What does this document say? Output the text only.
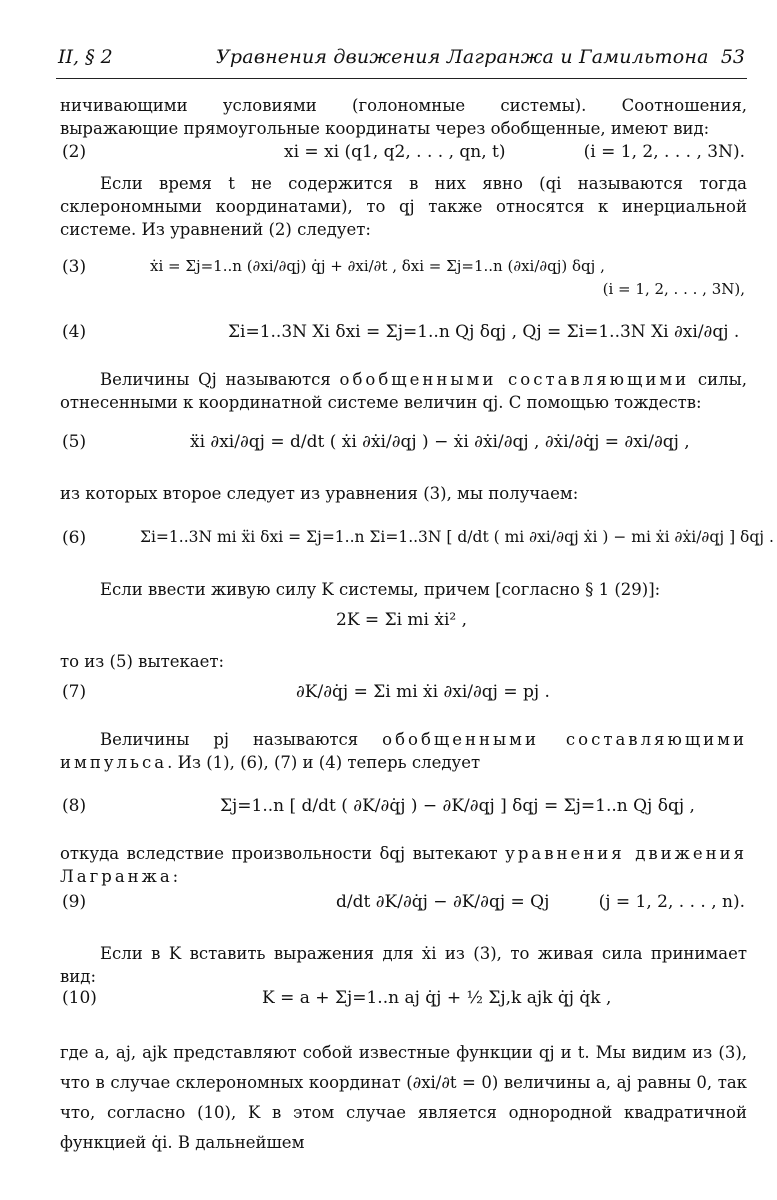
II, § 2	Уравнения движения Лагранжа и Гамильтона 53
ничивающими условиями (голономные системы). Соотношения, выражающие прямоугольные координаты через обобщенные, имеют вид:
(2)	xi = xi (q1, q2, . . . , qn, t)	(i = 1, 2, . . . , 3N).
Если время t не содержится в них явно (qi называются тогда склерономными координатами), то qj также относятся к инерциальной системе. Из уравнений (2) следует:
(3)	ẋi = Σj=1..n (∂xi/∂qj) q̇j + ∂xi/∂t , δxi = Σj=1..n (∂xi/∂qj) δqj ,
(i = 1, 2, . . . , 3N),
(4)	Σi=1..3N Xi δxi = Σj=1..n Qj δqj , Qj = Σi=1..3N Xi ∂xi/∂qj .
Величины Qj называются обобщенными составляющими силы, отнесенными к координатной системе величин qj. С помощью тождеств:
(5)	ẍi ∂xi/∂qj = d/dt ( ẋi ∂ẋi/∂qj ) − ẋi ∂ẋi/∂qj , ∂ẋi/∂q̇j = ∂xi/∂qj ,
из которых второе следует из уравнения (3), мы получаем:
(6)	Σi=1..3N mi ẍi δxi = Σj=1..n Σi=1..3N [ d/dt ( mi ∂xi/∂qj ẋi ) − mi ẋi ∂ẋi/∂qj ] δqj .
Если ввести живую силу K системы, причем [согласно § 1 (29)]:
2K = Σi mi ẋi² ,
то из (5) вытекает:
(7)	∂K/∂q̇j = Σi mi ẋi ∂xi/∂qj = pj .
Величины pj называются обобщенными составляющими импульса. Из (1), (6), (7) и (4) теперь следует
(8)	Σj=1..n [ d/dt ( ∂K/∂q̇j ) − ∂K/∂qj ] δqj = Σj=1..n Qj δqj ,
откуда вследствие произвольности δqj вытекают уравнения движения Лагранжа:
(9)	d/dt ∂K/∂q̇j − ∂K/∂qj = Qj	(j = 1, 2, . . . , n).
Если в K вставить выражения для ẋi из (3), то живая сила принимает вид:
(10)	K = a + Σj=1..n aj q̇j + ½ Σj,k ajk q̇j q̇k ,
где a, aj, ajk представляют собой известные функции qj и t. Мы видим из (3), что в случае склерономных координат (∂xi/∂t = 0) величины a, aj равны 0, так что, согласно (10), K в этом случае является однородной квадратичной функцией q̇i. В дальнейшем
